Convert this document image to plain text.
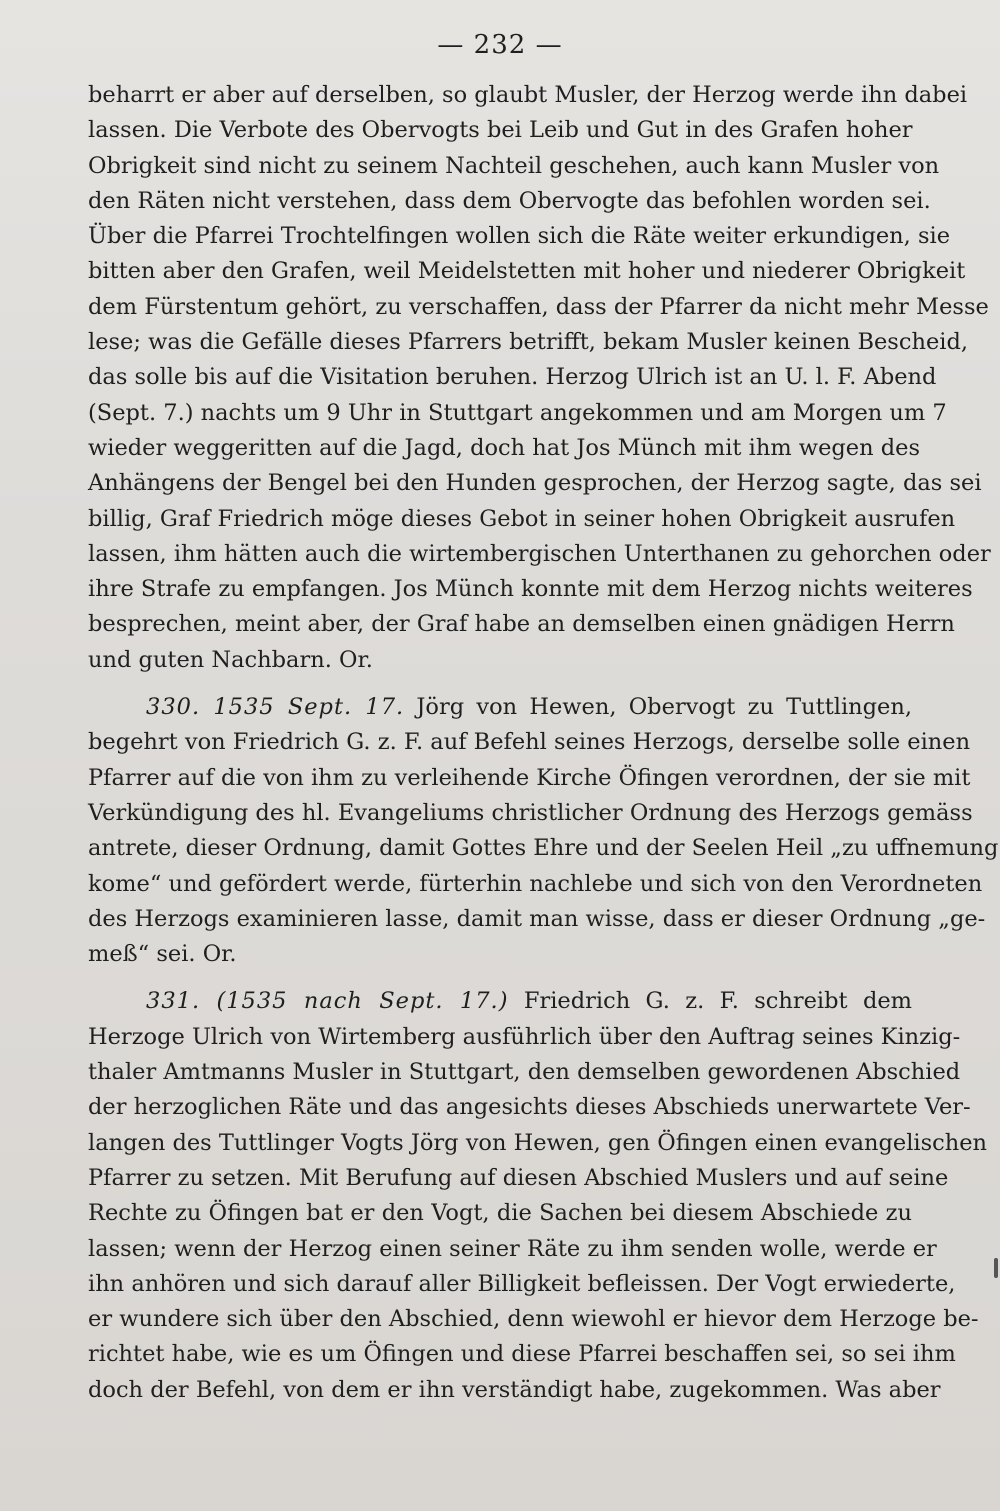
— 232 —
beharrt er aber auf derselben, so glaubt Musler, der Herzog werde ihn dabei
lassen. Die Verbote des Obervogts bei Leib und Gut in des Grafen hoher
Obrigkeit sind nicht zu seinem Nachteil geschehen, auch kann Musler von
den Räten nicht verstehen, dass dem Obervogte das befohlen worden sei.
Über die Pfarrei Trochtelfingen wollen sich die Räte weiter erkundigen, sie
bitten aber den Grafen, weil Meidelstetten mit hoher und niederer Obrigkeit
dem Fürstentum gehört, zu verschaffen, dass der Pfarrer da nicht mehr Messe
lese; was die Gefälle dieses Pfarrers betrifft, bekam Musler keinen Bescheid,
das solle bis auf die Visitation beruhen. Herzog Ulrich ist an U. l. F. Abend
(Sept. 7.) nachts um 9 Uhr in Stuttgart angekommen und am Morgen um 7
wieder weggeritten auf die Jagd, doch hat Jos Münch mit ihm wegen des
Anhängens der Bengel bei den Hunden gesprochen, der Herzog sagte, das sei
billig, Graf Friedrich möge dieses Gebot in seiner hohen Obrigkeit ausrufen
lassen, ihm hätten auch die wirtembergischen Unterthanen zu gehorchen oder
ihre Strafe zu empfangen. Jos Münch konnte mit dem Herzog nichts weiteres
besprechen, meint aber, der Graf habe an demselben einen gnädigen Herrn
und guten Nachbarn. Or.
330. 1535 Sept. 17. Jörg von Hewen, Obervogt zu Tuttlingen,
begehrt von Friedrich G. z. F. auf Befehl seines Herzogs, derselbe solle einen
Pfarrer auf die von ihm zu verleihende Kirche Öfingen verordnen, der sie mit
Verkündigung des hl. Evangeliums christlicher Ordnung des Herzogs gemäss
antrete, dieser Ordnung, damit Gottes Ehre und der Seelen Heil „zu uffnemung
kome“ und gefördert werde, fürterhin nachlebe und sich von den Verordneten
des Herzogs examinieren lasse, damit man wisse, dass er dieser Ordnung „ge-
meß“ sei. Or.
331. (1535 nach Sept. 17.) Friedrich G. z. F. schreibt dem
Herzoge Ulrich von Wirtemberg ausführlich über den Auftrag seines Kinzig-
thaler Amtmanns Musler in Stuttgart, den demselben gewordenen Abschied
der herzoglichen Räte und das angesichts dieses Abschieds unerwartete Ver-
langen des Tuttlinger Vogts Jörg von Hewen, gen Öfingen einen evangelischen
Pfarrer zu setzen. Mit Berufung auf diesen Abschied Muslers und auf seine
Rechte zu Öfingen bat er den Vogt, die Sachen bei diesem Abschiede zu
lassen; wenn der Herzog einen seiner Räte zu ihm senden wolle, werde er
ihn anhören und sich darauf aller Billigkeit befleissen. Der Vogt erwiederte,
er wundere sich über den Abschied, denn wiewohl er hievor dem Herzoge be-
richtet habe, wie es um Öfingen und diese Pfarrei beschaffen sei, so sei ihm
doch der Befehl, von dem er ihn verständigt habe, zugekommen. Was aber
